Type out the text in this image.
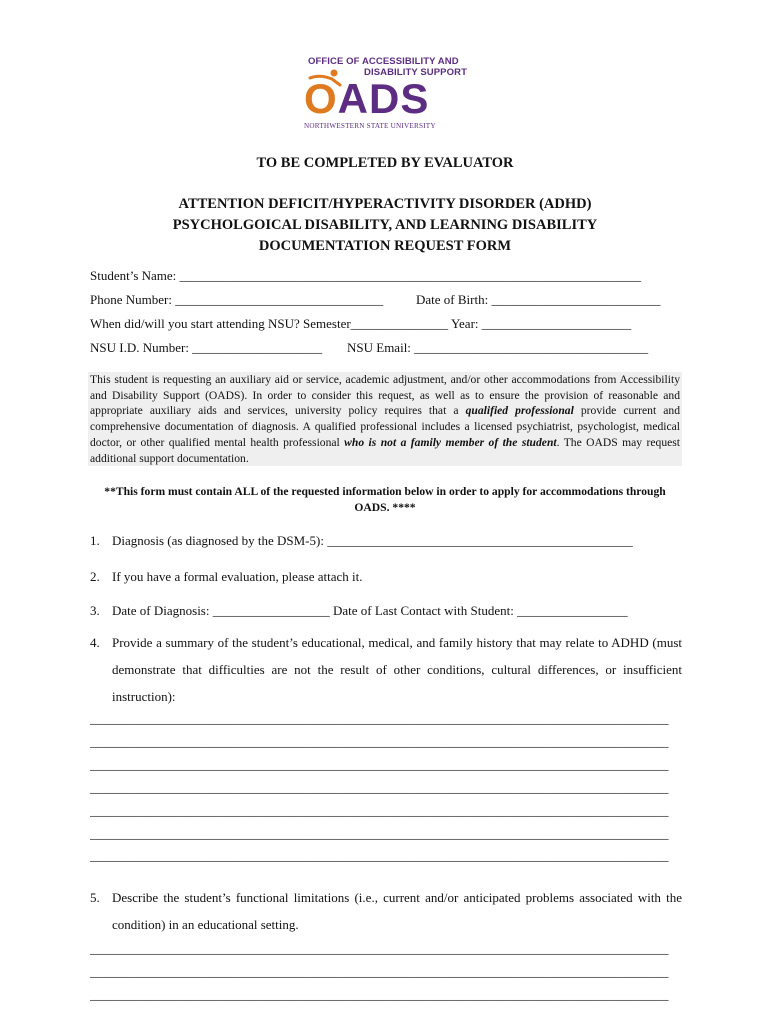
OFFICE OF ACCESSIBILITY AND
DISABILITY SUPPORT
OADS
NORTHWESTERN STATE UNIVERSITY
TO BE COMPLETED BY EVALUATOR
ATTENTION DEFICIT/HYPERACTIVITY DISORDER (ADHD)
PSYCHOLGOICAL DISABILITY, AND LEARNING DISABILITY
DOCUMENTATION REQUEST FORM
Student’s Name: _______________________________________________________________________
Phone Number: ________________________________	Date of Birth: __________________________
When did/will you start attending NSU? Semester_______________ Year: _______________________
NSU I.D. Number: ____________________ NSU Email: ____________________________________
This student is requesting an auxiliary aid or service, academic adjustment, and/or other accommodations from Accessibility and Disability Support (OADS). In order to consider this request, as well as to ensure the provision of reasonable and appropriate auxiliary aids and services, university policy requires that a qualified professional provide current and comprehensive documentation of diagnosis. A qualified professional includes a licensed psychiatrist, psychologist, medical doctor, or other qualified mental health professional who is not a family member of the student. The OADS may request additional support documentation.
**This form must contain ALL of the requested information below in order to apply for accommodations through OADS. ****
1. Diagnosis (as diagnosed by the DSM-5): _______________________________________________
2. If you have a formal evaluation, please attach it.
3. Date of Diagnosis: __________________ Date of Last Contact with Student: _________________
4. Provide a summary of the student’s educational, medical, and family history that may relate to ADHD (must demonstrate that difficulties are not the result of other conditions, cultural differences, or insufficient instruction):
_________________________________________________________________________________________
_________________________________________________________________________________________
_________________________________________________________________________________________
_________________________________________________________________________________________
_________________________________________________________________________________________
_________________________________________________________________________________________
_________________________________________________________________________________________
5. Describe the student’s functional limitations (i.e., current and/or anticipated problems associated with the condition) in an educational setting.
_________________________________________________________________________________________
_________________________________________________________________________________________
_________________________________________________________________________________________
